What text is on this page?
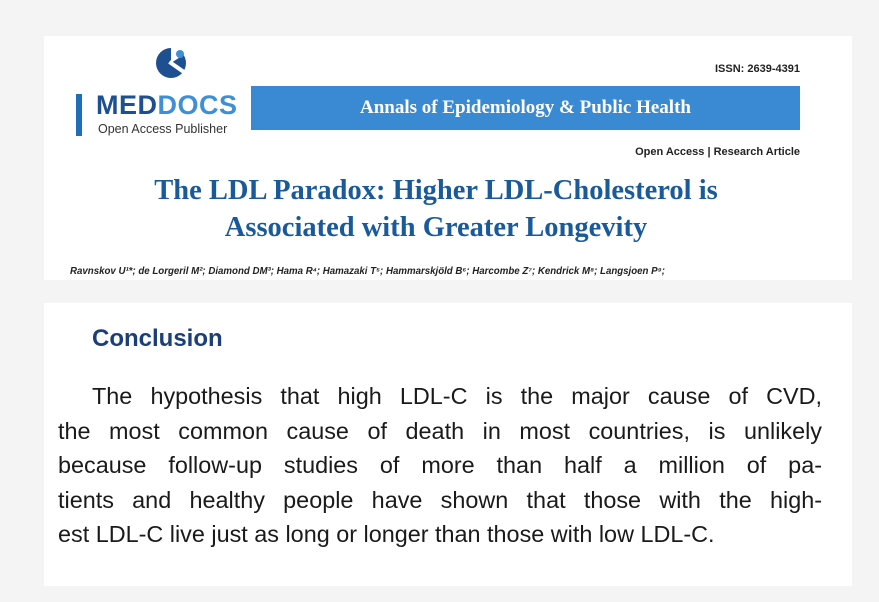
MEDDOCS
Open Access Publisher
ISSN: 2639-4391
Annals of Epidemiology & Public Health
Open Access | Research Article
The LDL Paradox: Higher LDL-Cholesterol is
Associated with Greater Longevity
Ravnskov U¹*; de Lorgeril M²; Diamond DM³; Hama R⁴; Hamazaki T⁵; Hammarskjöld B⁶; Harcombe Z⁷; Kendrick M⁸; Langsjoen P⁹;
Conclusion

The hypothesis that high LDL-C is the major cause of CVD,
the most common cause of death in most countries, is unlikely
because follow-up studies of more than half a million of pa-
tients and healthy people have shown that those with the high-
est LDL-C live just as long or longer than those with low LDL-C.
